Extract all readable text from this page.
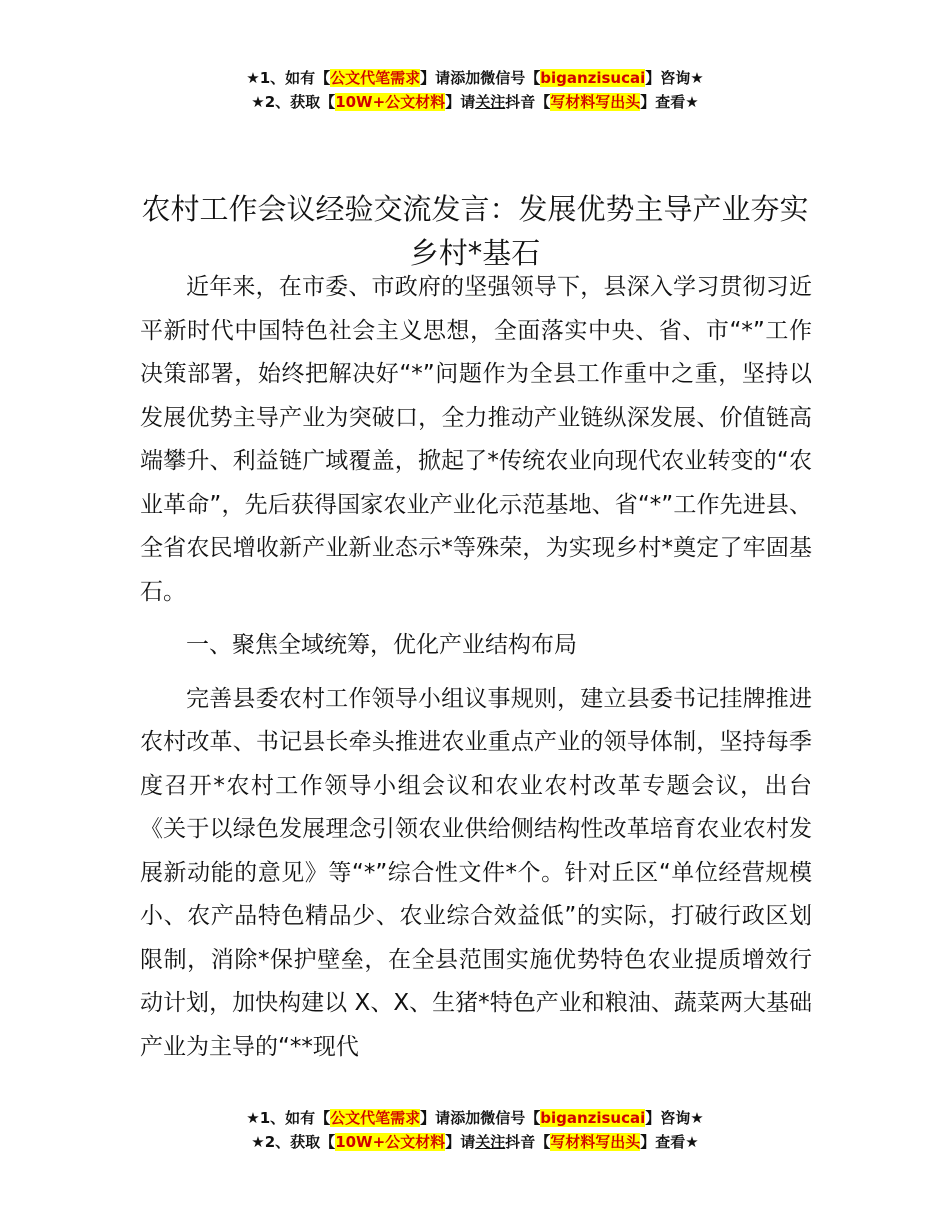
★1、如有【公文代笔需求】请添加微信号【biganzisucai】咨询★
★2、获取【10W+公文材料】请关注抖音【写材料写出头】查看★
农村工作会议经验交流发言：发展优势主导产业夯实乡村*基石

近年来，在市委、市政府的坚强领导下，县深入学习贯彻习近平新时代中国特色社会主义思想，全面落实中央、省、市“*”工作决策部署，始终把解决好“*”问题作为全县工作重中之重，坚持以发展优势主导产业为突破口，全力推动产业链纵深发展、价值链高端攀升、利益链广域覆盖，掀起了*传统农业向现代农业转变的“农业革命”，先后获得国家农业产业化示范基地、省“*”工作先进县、全省农民增收新产业新业态示*等殊荣，为实现乡村*奠定了牢固基石。

一、聚焦全域统筹，优化产业结构布局

完善县委农村工作领导小组议事规则，建立县委书记挂牌推进农村改革、书记县长牵头推进农业重点产业的领导体制，坚持每季度召开*农村工作领导小组会议和农业农村改革专题会议，出台《关于以绿色发展理念引领农业供给侧结构性改革培育农业农村发展新动能的意见》等“*”综合性文件*个。针对丘区“单位经营规模小、农产品特色精品少、农业综合效益低”的实际，打破行政区划限制，消除*保护壁垒，在全县范围实施优势特色农业提质增效行动计划，加快构建以 X、X、生猪*特色产业和粮油、蔬菜两大基础产业为主导的“**现代

★1、如有【公文代笔需求】请添加微信号【biganzisucai】咨询★
★2、获取【10W+公文材料】请关注抖音【写材料写出头】查看★
